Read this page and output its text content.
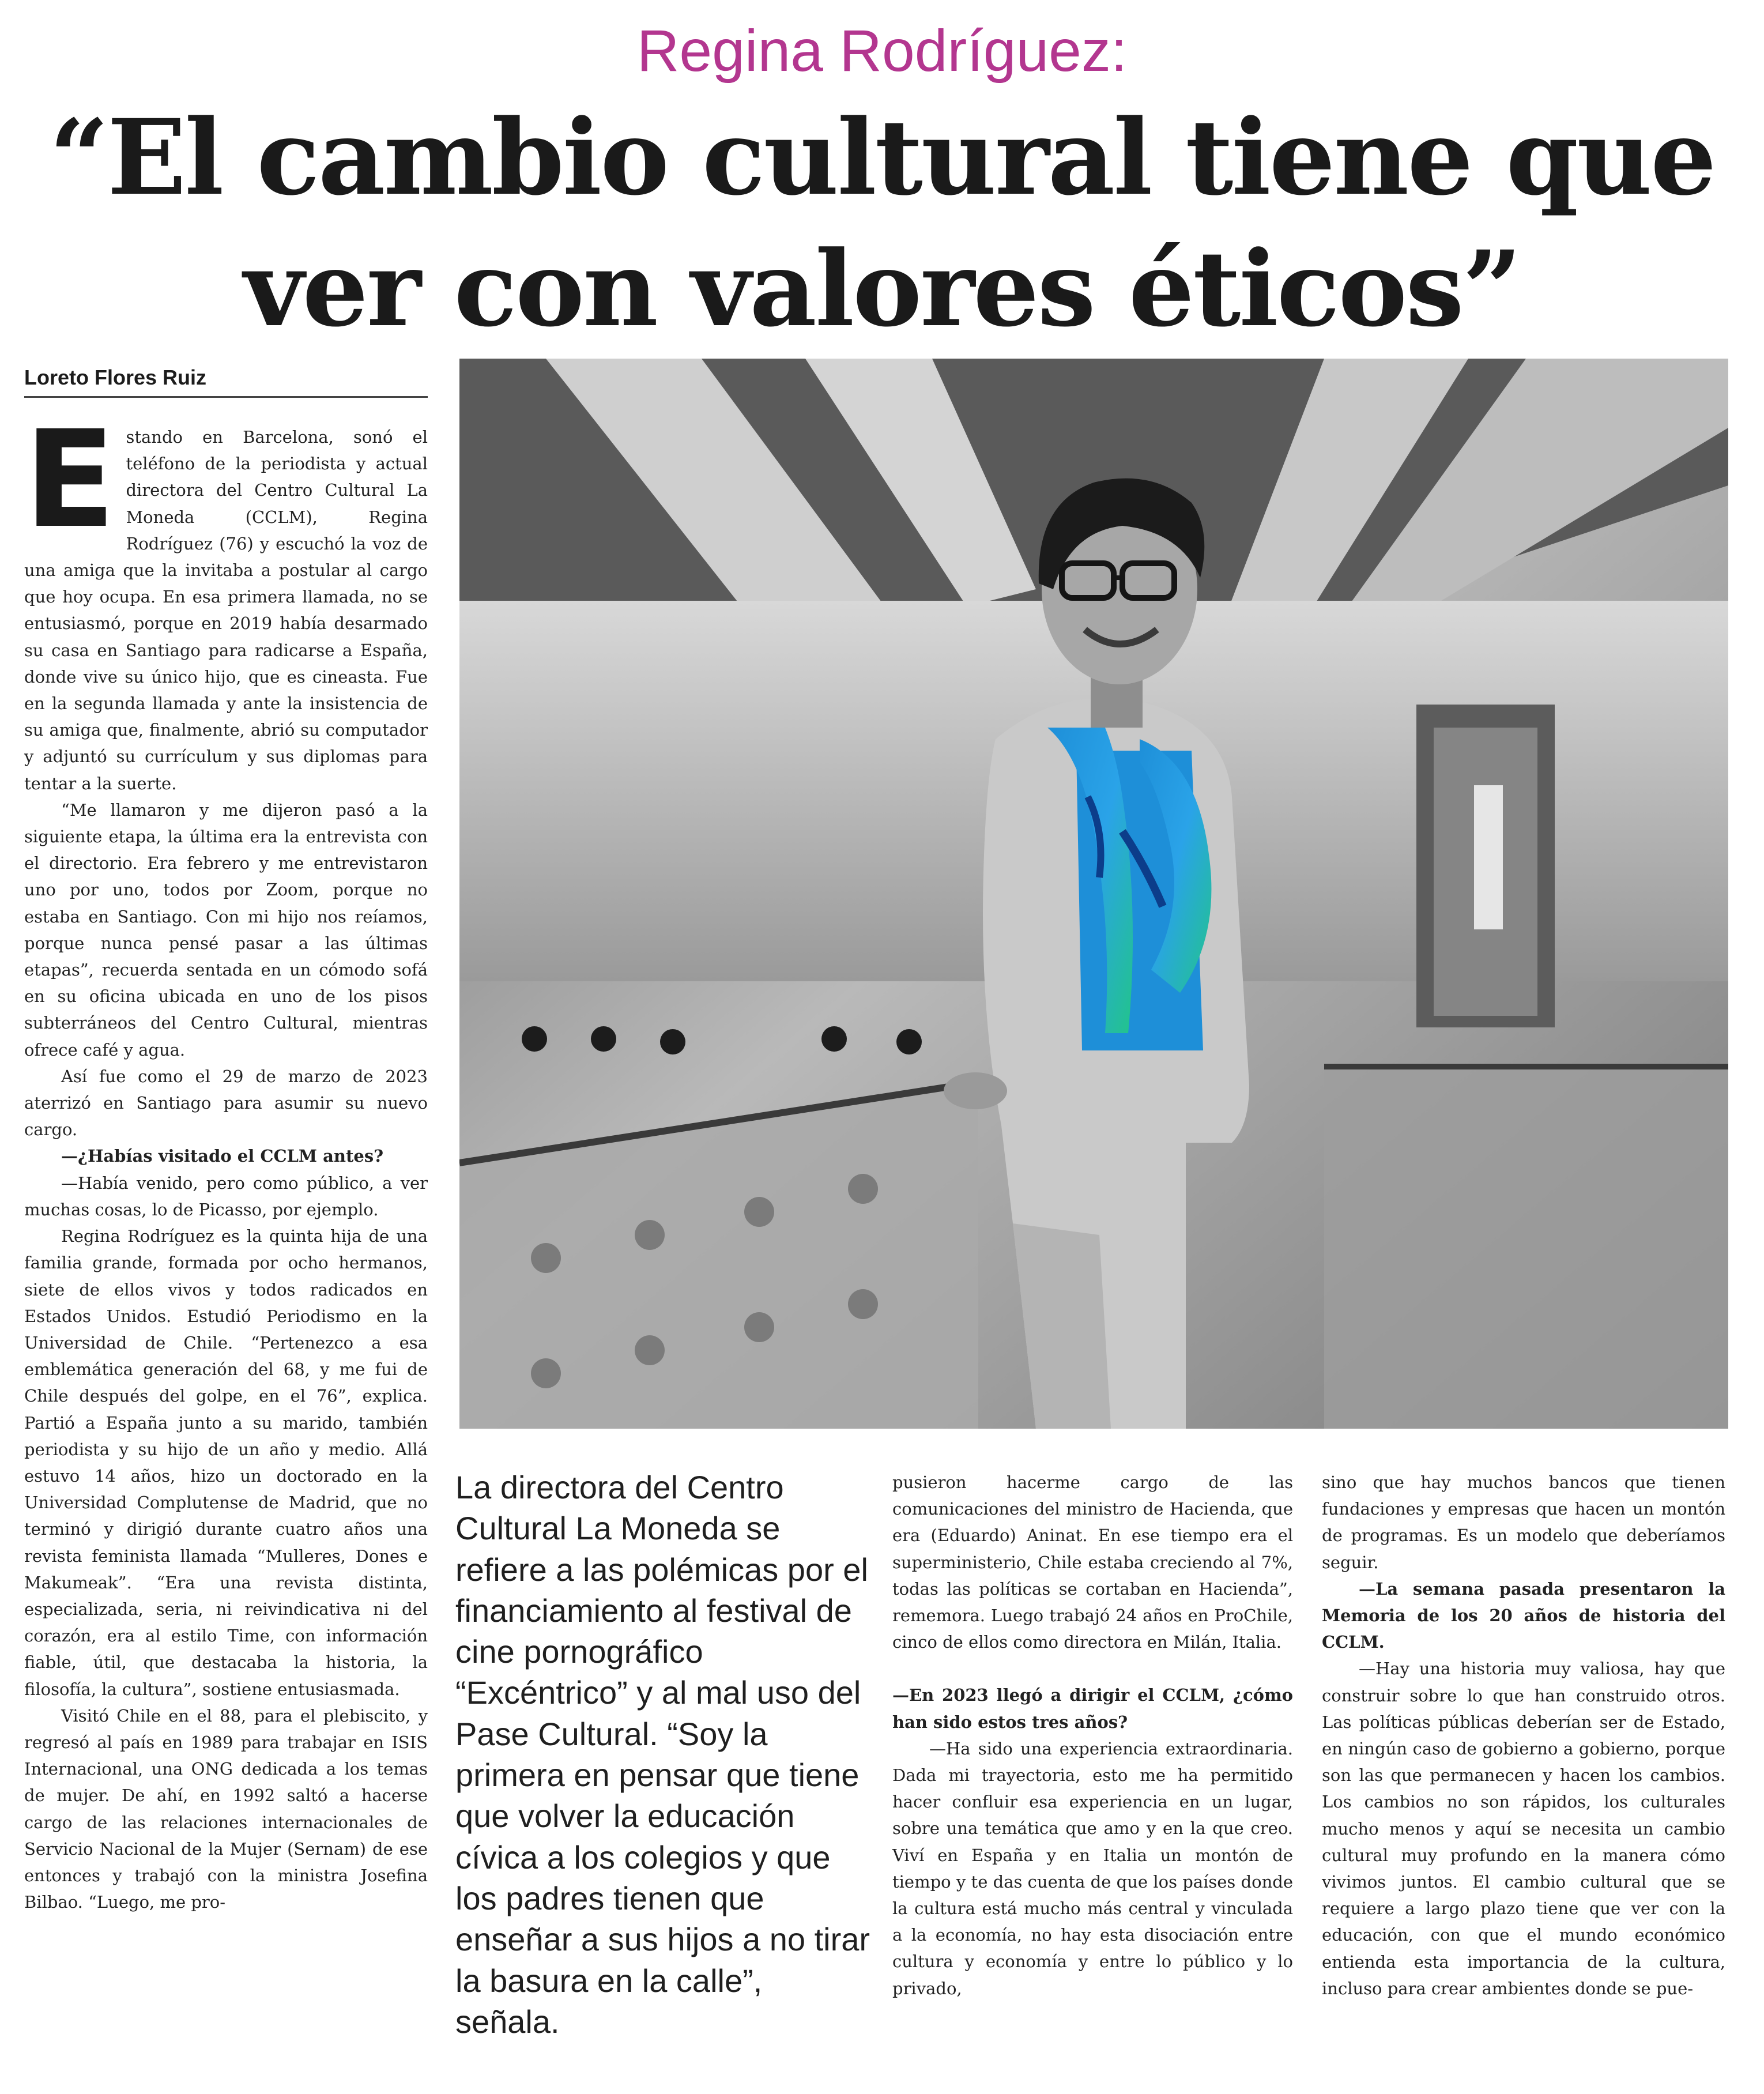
Regina Rodríguez:
“El cambio cultural tiene que ver con valores éticos”
Loreto Flores Ruiz

Estando en Barcelona, sonó el teléfono de la periodista y actual directora del Centro Cultural La Moneda (CCLM), Regina Rodríguez (76) y escuchó la voz de una amiga que la invitaba a postular al cargo que hoy ocupa. En esa primera llamada, no se entusiasmó, porque en 2019 había desarmado su casa en Santiago para radicarse a España, donde vive su único hijo, que es cineasta. Fue en la segunda llamada y ante la insistencia de su amiga que, finalmente, abrió su computador y adjuntó su currículum y sus diplomas para tentar a la suerte.

“Me llamaron y me dijeron pasó a la siguiente etapa, la última era la entrevista con el directorio. Era febrero y me entrevistaron uno por uno, todos por Zoom, porque no estaba en Santiago. Con mi hijo nos reíamos, porque nunca pensé pasar a las últimas etapas”, recuerda sentada en un cómodo sofá en su oficina ubicada en uno de los pisos subterráneos del Centro Cultural, mientras ofrece café y agua.

Así fue como el 29 de marzo de 2023 aterrizó en Santiago para asumir su nuevo cargo.

—¿Habías visitado el CCLM antes?

—Había venido, pero como público, a ver muchas cosas, lo de Picasso, por ejemplo.

Regina Rodríguez es la quinta hija de una familia grande, formada por ocho hermanos, siete de ellos vivos y todos radicados en Estados Unidos. Estudió Periodismo en la Universidad de Chile. “Pertenezco a esa emblemática generación del 68, y me fui de Chile después del golpe, en el 76”, explica. Partió a España junto a su marido, también periodista y su hijo de un año y medio. Allá estuvo 14 años, hizo un doctorado en la Universidad Complutense de Madrid, que no terminó y dirigió durante cuatro años una revista feminista llamada “Mulleres, Dones e Makumeak”. “Era una revista distinta, especializada, seria, ni reivindicativa ni del corazón, era al estilo Time, con información fiable, útil, que destacaba la historia, la filosofía, la cultura”, sostiene entusiasmada.

Visitó Chile en el 88, para el plebiscito, y regresó al país en 1989 para trabajar en ISIS Internacional, una ONG dedicada a los temas de mujer. De ahí, en 1992 saltó a hacerse cargo de las relaciones internacionales de Servicio Nacional de la Mujer (Sernam) de ese entonces y trabajó con la ministra Josefina Bilbao. “Luego, me pro-

La directora del Centro Cultural La Moneda se refiere a las polémicas por el financiamiento al festival de cine pornográfico “Excéntrico” y al mal uso del Pase Cultural. “Soy la primera en pensar que tiene que volver la educación cívica a los colegios y que los padres tienen que enseñar a sus hijos a no tirar la basura en la calle”, señala.

pusieron hacerme cargo de las comunicaciones del ministro de Hacienda, que era (Eduardo) Aninat. En ese tiempo era el superministerio, Chile estaba creciendo al 7%, todas las políticas se cortaban en Hacienda”, rememora. Luego trabajó 24 años en ProChile, cinco de ellos como directora en Milán, Italia.

—En 2023 llegó a dirigir el CCLM, ¿cómo han sido estos tres años?

—Ha sido una experiencia extraordinaria. Dada mi trayectoria, esto me ha permitido hacer confluir esa experiencia en un lugar, sobre una temática que amo y en la que creo. Viví en España y en Italia un montón de tiempo y te das cuenta de que los países donde la cultura está mucho más central y vinculada a la economía, no hay esta disociación entre cultura y economía y entre lo público y lo privado,

sino que hay muchos bancos que tienen fundaciones y empresas que hacen un montón de programas. Es un modelo que deberíamos seguir.

—La semana pasada presentaron la Memoria de los 20 años de historia del CCLM.

—Hay una historia muy valiosa, hay que construir sobre lo que han construido otros. Las políticas públicas deberían ser de Estado, en ningún caso de gobierno a gobierno, porque son las que permanecen y hacen los cambios. Los cambios no son rápidos, los culturales mucho menos y aquí se necesita un cambio cultural muy profundo en la manera cómo vivimos juntos. El cambio cultural que se requiere a largo plazo tiene que ver con la educación, con que el mundo económico entienda esta importancia de la cultura, incluso para crear ambientes donde se pue-
